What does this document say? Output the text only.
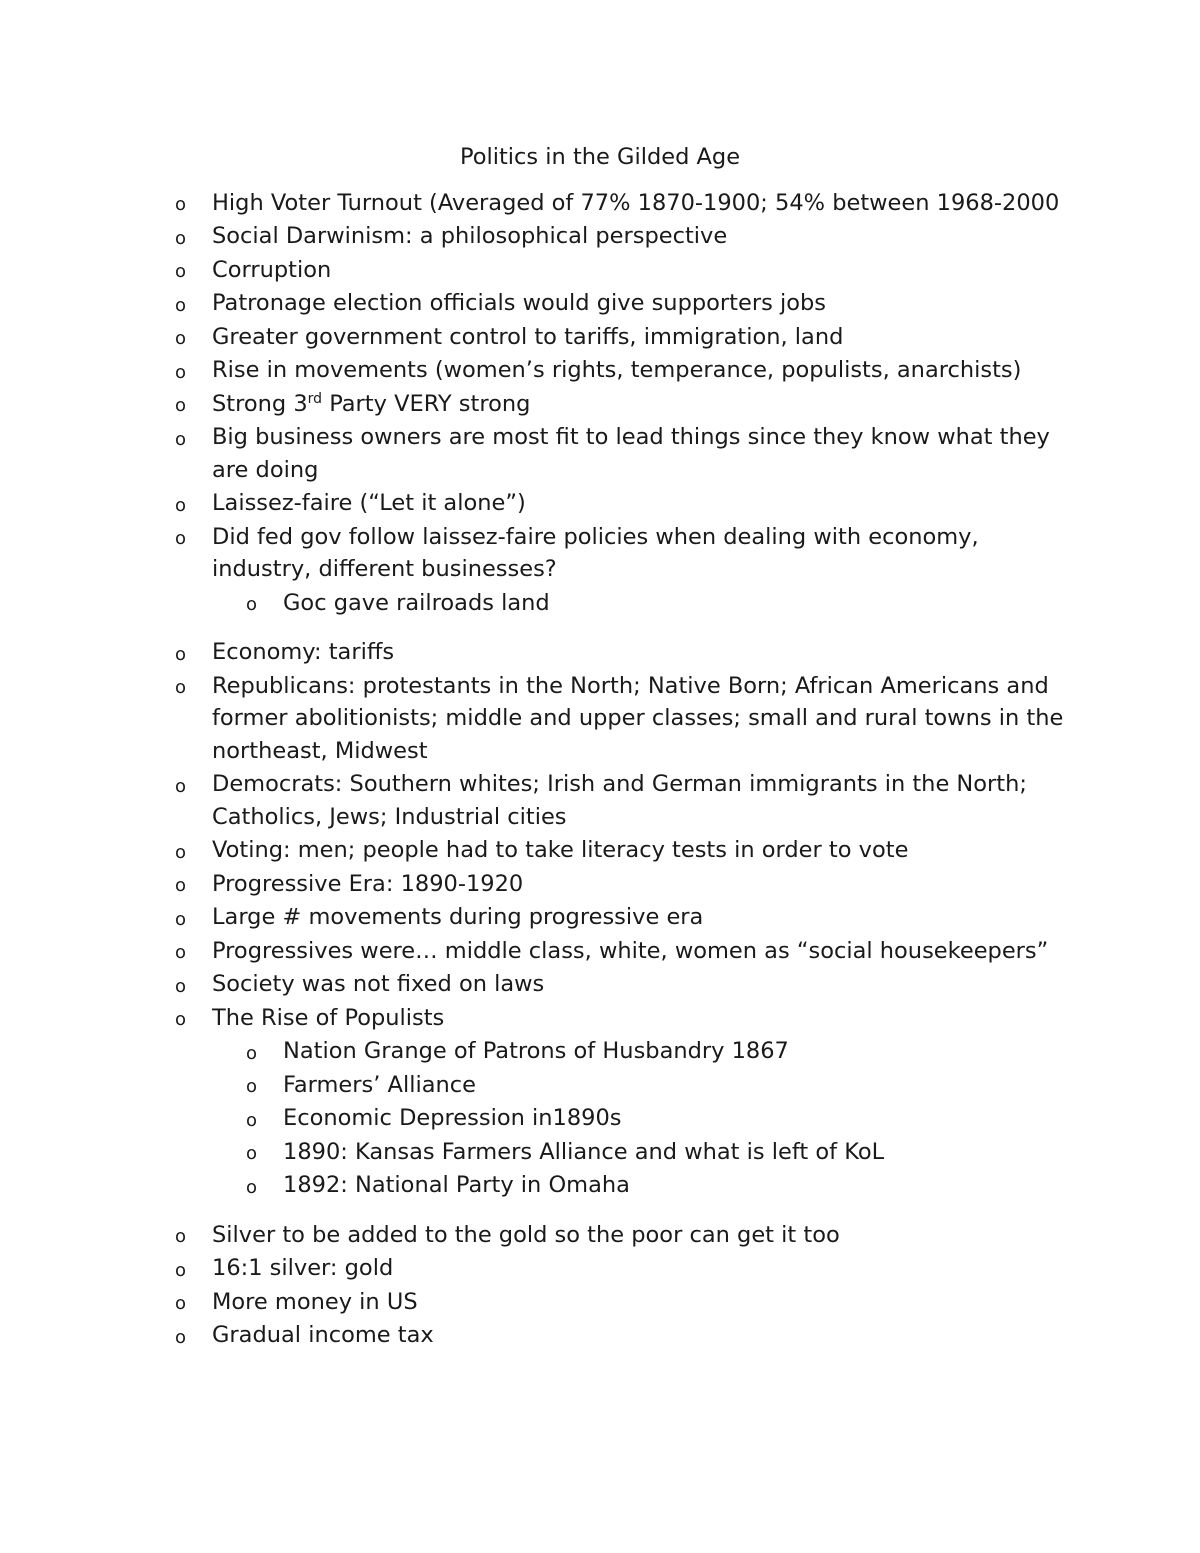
Politics in the Gilded Age
o High Voter Turnout (Averaged of 77% 1870-1900; 54% between 1968-2000
o Social Darwinism: a philosophical perspective
o Corruption
o Patronage election officials would give supporters jobs
o Greater government control to tariffs, immigration, land
o Rise in movements (women’s rights, temperance, populists, anarchists)
o Strong 3rd Party VERY strong
o Big business owners are most fit to lead things since they know what they are doing
o Laissez-faire (“Let it alone”)
o Did fed gov follow laissez-faire policies when dealing with economy, industry, different businesses?
o Goc gave railroads land
o Economy: tariffs
o Republicans: protestants in the North; Native Born; African Americans and former abolitionists; middle and upper classes; small and rural towns in the northeast, Midwest
o Democrats: Southern whites; Irish and German immigrants in the North; Catholics, Jews; Industrial cities
o Voting: men; people had to take literacy tests in order to vote
o Progressive Era: 1890-1920
o Large # movements during progressive era
o Progressives were… middle class, white, women as “social housekeepers”
o Society was not fixed on laws
o The Rise of Populists
o Nation Grange of Patrons of Husbandry 1867
o Farmers’ Alliance
o Economic Depression in1890s
o 1890: Kansas Farmers Alliance and what is left of KoL
o 1892: National Party in Omaha
o Silver to be added to the gold so the poor can get it too
o 16:1 silver: gold
o More money in US
o Gradual income tax
